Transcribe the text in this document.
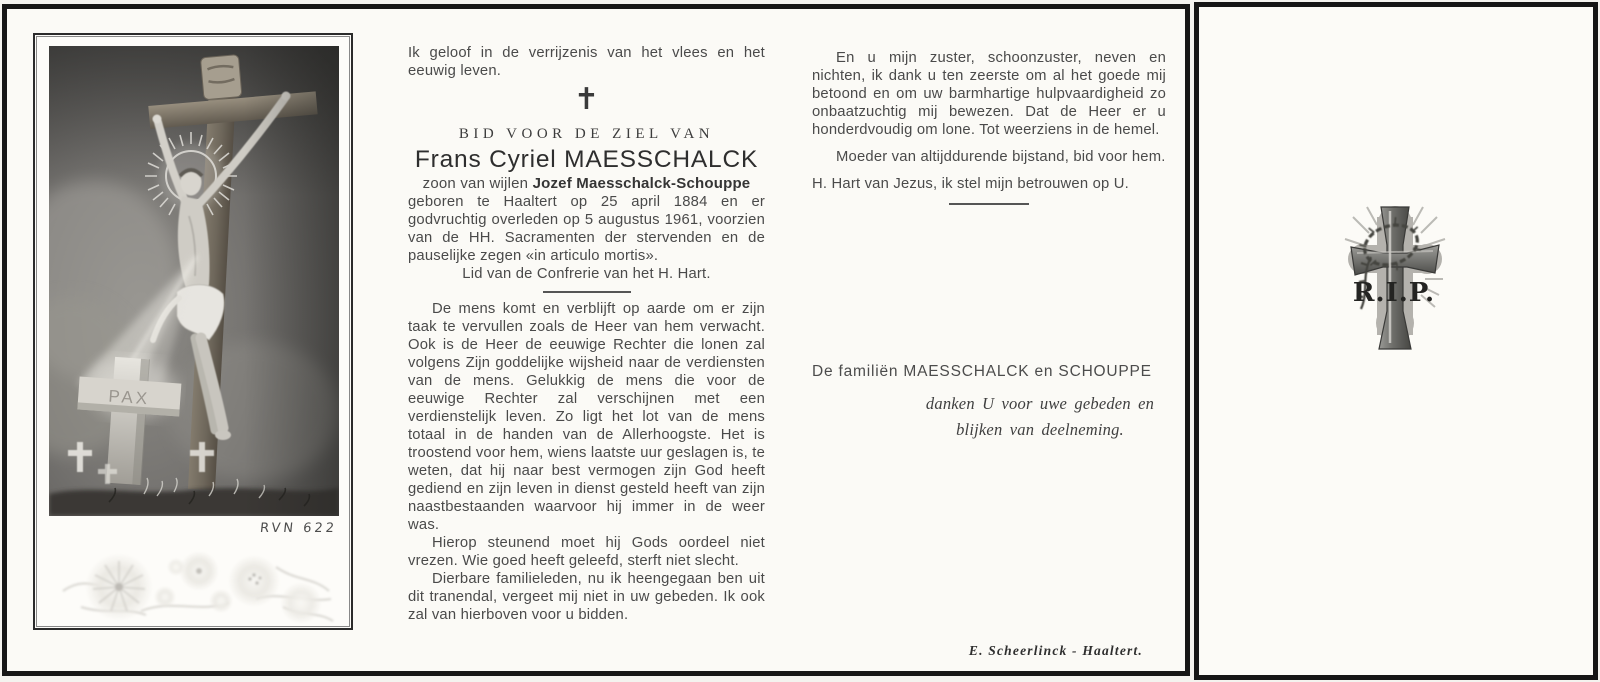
PAX
RVN 622

Ik geloof in de verrijzenis van het vlees en het eeuwig leven.

✝
BID VOOR DE ZIEL VAN
Frans Cyriel MAESSCHALCK
zoon van wijlen Jozef Maesschalck-Schouppe

geboren te Haaltert op 25 april 1884 en er godvruchtig overleden op 5 augustus 1961, voorzien van de HH. Sacramenten der stervenden en de pauselijke zegen «in articulo mortis».

Lid van de Confrerie van het H. Hart.

De mens komt en verblijft op aarde om er zijn taak te vervullen zoals de Heer van hem verwacht. Ook is de Heer de eeuwige Rechter die lonen zal volgens Zijn goddelijke wijsheid naar de verdiensten van de mens. Gelukkig de mens die voor de eeuwige Rechter zal verschijnen met een verdienstelijk leven. Zo ligt het lot van de mens totaal in de handen van de Allerhoogste. Het is troostend voor hem, wiens laatste uur geslagen is, te weten, dat hij naar best vermogen zijn God heeft gediend en zijn leven in dienst gesteld heeft van zijn naastbestaanden waarvoor hij immer in de weer was.

Hierop steunend moet hij Gods oordeel niet vrezen. Wie goed heeft geleefd, sterft niet slecht.

Dierbare familieleden, nu ik heengegaan ben uit dit tranendal, vergeet mij niet in uw gebeden. Ik ook zal van hierboven voor u bidden.

En u mijn zuster, schoonzuster, neven en nichten, ik dank u ten zeerste om al het goede mij betoond en om uw barmhartige hulpvaardigheid zo onbaatzuchtig mij bewezen. Dat de Heer er u honderdvoudig om lone. Tot weerziens in de hemel.

Moeder van altijddurende bijstand, bid voor hem.

H. Hart van Jezus, ik stel mijn betrouwen op U.

De familiën MAESSCHALCK en SCHOUPPE
danken U voor uwe gebeden en blijken van deelneming.
E. Scheerlinck - Haaltert.
R.I.P.
